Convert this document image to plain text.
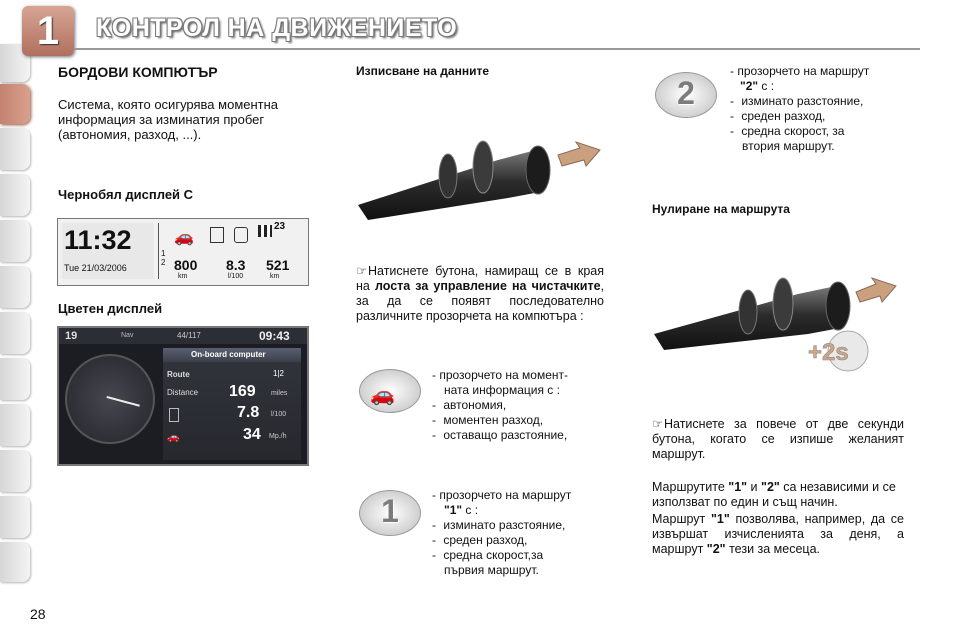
1	КОНТРОЛ НА ДВИЖЕНИЕТО
БОРДОВИ КОМПЮТЪР
Система, която осигурява моментна
информация за изминатия пробег
(автономия, разход, ...).
Чернобял дисплей С
11:32
Tue 21/03/2006
🚗
23
1
2 800 8.3 521
km	l/100	km
Цветен дисплей
19	Nav	44/117	09:43
On-board computer
Route	1|2
Distance 169 miles
7.8 l/100
🚗	34 Mp./h
Изписване на данните
☞Натиснете бутона, намиращ се в края на лоста за управление на чистачките, за да се появят последователно различните прозорчета на компютъра :
🚗
- прозорчето на момент-
ната информация с :
- автономия,
- моментен разход,
- оставащо разстояние,
1	- прозорчето на маршрут
"1" с :
- изминато разстояние,
- среден разход,
- средна скорост,за
първия маршрут.
2
- прозорчето на маршрут
"2" с :
- изминато разстояние,
- среден разход,
- средна скорост, за
втория маршрут.
Нулиране на маршрута
+2s
☞Натиснете за повече от две секунди бутона, когато се изпише желаният маршрут.
Маршрутите "1" и "2" са независими и се използват по един и същ начин.
Маршрут "1" позволява, например, да се извършат изчисленията за деня, а маршрут "2" тези за месеца.
28
